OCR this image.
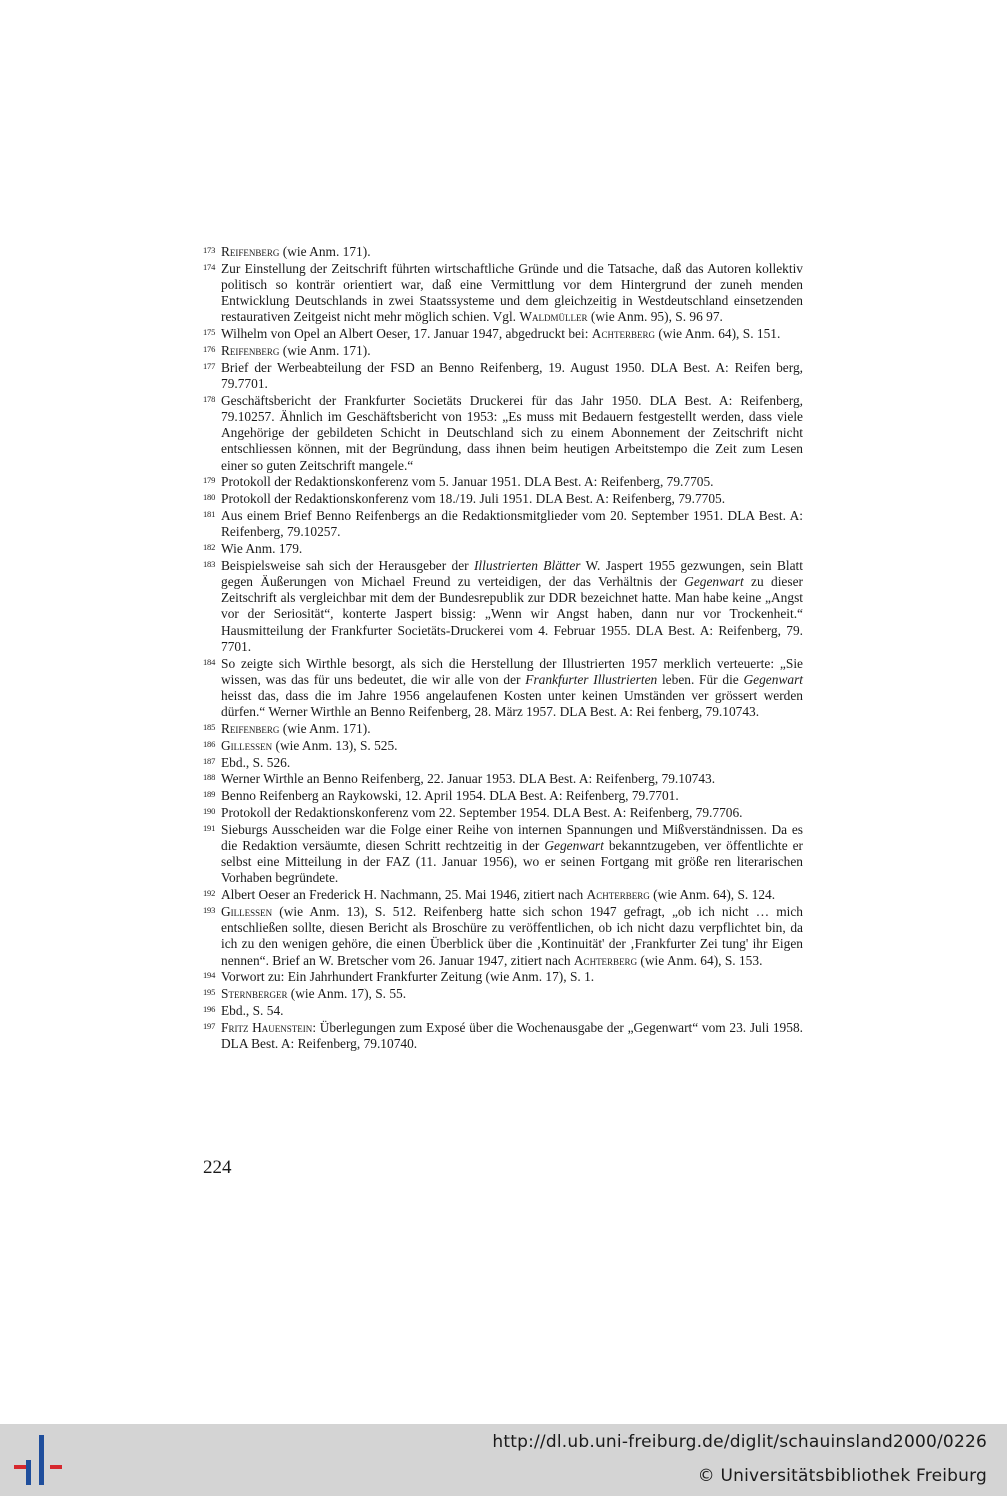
173 Reifenberg (wie Anm. 171).
174 Zur Einstellung der Zeitschrift führten wirtschaftliche Gründe und die Tatsache, daß das Autoren kollektiv politisch so konträr orientiert war, daß eine Vermittlung vor dem Hintergrund der zuneh menden Entwicklung Deutschlands in zwei Staatssysteme und dem gleichzeitig in Westdeutschland einsetzenden restaurativen Zeitgeist nicht mehr möglich schien. Vgl. Waldmüller (wie Anm. 95), S. 96 97.
175 Wilhelm von Opel an Albert Oeser, 17. Januar 1947, abgedruckt bei: Achterberg (wie Anm. 64), S. 151.
176 Reifenberg (wie Anm. 171).
177 Brief der Werbeabteilung der FSD an Benno Reifenberg, 19. August 1950. DLA Best. A: Reifen berg, 79.7701.
178 Geschäftsbericht der Frankfurter Societäts Druckerei für das Jahr 1950. DLA Best. A: Reifenberg, 79.10257. Ähnlich im Geschäftsbericht von 1953: „Es muss mit Bedauern festgestellt werden, dass viele Angehörige der gebildeten Schicht in Deutschland sich zu einem Abonnement der Zeitschrift nicht entschliessen können, mit der Begründung, dass ihnen beim heutigen Arbeitstempo die Zeit zum Lesen einer so guten Zeitschrift mangele.“
179 Protokoll der Redaktionskonferenz vom 5. Januar 1951. DLA Best. A: Reifenberg, 79.7705.
180 Protokoll der Redaktionskonferenz vom 18./19. Juli 1951. DLA Best. A: Reifenberg, 79.7705.
181 Aus einem Brief Benno Reifenbergs an die Redaktionsmitglieder vom 20. September 1951. DLA Best. A: Reifenberg, 79.10257.
182 Wie Anm. 179.
183 Beispielsweise sah sich der Herausgeber der Illustrierten Blätter W. Jaspert 1955 gezwungen, sein Blatt gegen Äußerungen von Michael Freund zu verteidigen, der das Verhältnis der Gegenwart zu dieser Zeitschrift als vergleichbar mit dem der Bundesrepublik zur DDR bezeichnet hatte. Man habe keine „Angst vor der Seriosität“, konterte Jaspert bissig: „Wenn wir Angst haben, dann nur vor Trockenheit.“ Hausmitteilung der Frankfurter Societäts-Druckerei vom 4. Februar 1955. DLA Best. A: Reifenberg, 79. 7701.
184 So zeigte sich Wirthle besorgt, als sich die Herstellung der Illustrierten 1957 merklich verteuerte: „Sie wissen, was das für uns bedeutet, die wir alle von der Frankfurter Illustrierten leben. Für die Gegenwart heisst das, dass die im Jahre 1956 angelaufenen Kosten unter keinen Umständen ver grössert werden dürfen.“ Werner Wirthle an Benno Reifenberg, 28. März 1957. DLA Best. A: Rei fenberg, 79.10743.
185 Reifenberg (wie Anm. 171).
186 Gillessen (wie Anm. 13), S. 525.
187 Ebd., S. 526.
188 Werner Wirthle an Benno Reifenberg, 22. Januar 1953. DLA Best. A: Reifenberg, 79.10743.
189 Benno Reifenberg an Raykowski, 12. April 1954. DLA Best. A: Reifenberg, 79.7701.
190 Protokoll der Redaktionskonferenz vom 22. September 1954. DLA Best. A: Reifenberg, 79.7706.
191 Sieburgs Ausscheiden war die Folge einer Reihe von internen Spannungen und Mißverständnissen. Da es die Redaktion versäumte, diesen Schritt rechtzeitig in der Gegenwart bekanntzugeben, ver öffentlichte er selbst eine Mitteilung in der FAZ (11. Januar 1956), wo er seinen Fortgang mit größe ren literarischen Vorhaben begründete.
192 Albert Oeser an Frederick H. Nachmann, 25. Mai 1946, zitiert nach Achterberg (wie Anm. 64), S. 124.
193 Gillessen (wie Anm. 13), S. 512. Reifenberg hatte sich schon 1947 gefragt, „ob ich nicht … mich entschließen sollte, diesen Bericht als Broschüre zu veröffentlichen, ob ich nicht dazu verpflichtet bin, da ich zu den wenigen gehöre, die einen Überblick über die ‚Kontinuität' der ‚Frankfurter Zei tung' ihr Eigen nennen“. Brief an W. Bretscher vom 26. Januar 1947, zitiert nach Achterberg (wie Anm. 64), S. 153.
194 Vorwort zu: Ein Jahrhundert Frankfurter Zeitung (wie Anm. 17), S. 1.
195 Sternberger (wie Anm. 17), S. 55.
196 Ebd., S. 54.
197 Fritz Hauenstein: Überlegungen zum Exposé über die Wochenausgabe der „Gegenwart“ vom 23. Juli 1958. DLA Best. A: Reifenberg, 79.10740.
224
http://dl.ub.uni-freiburg.de/diglit/schauinsland2000/0226
© Universitätsbibliothek Freiburg
